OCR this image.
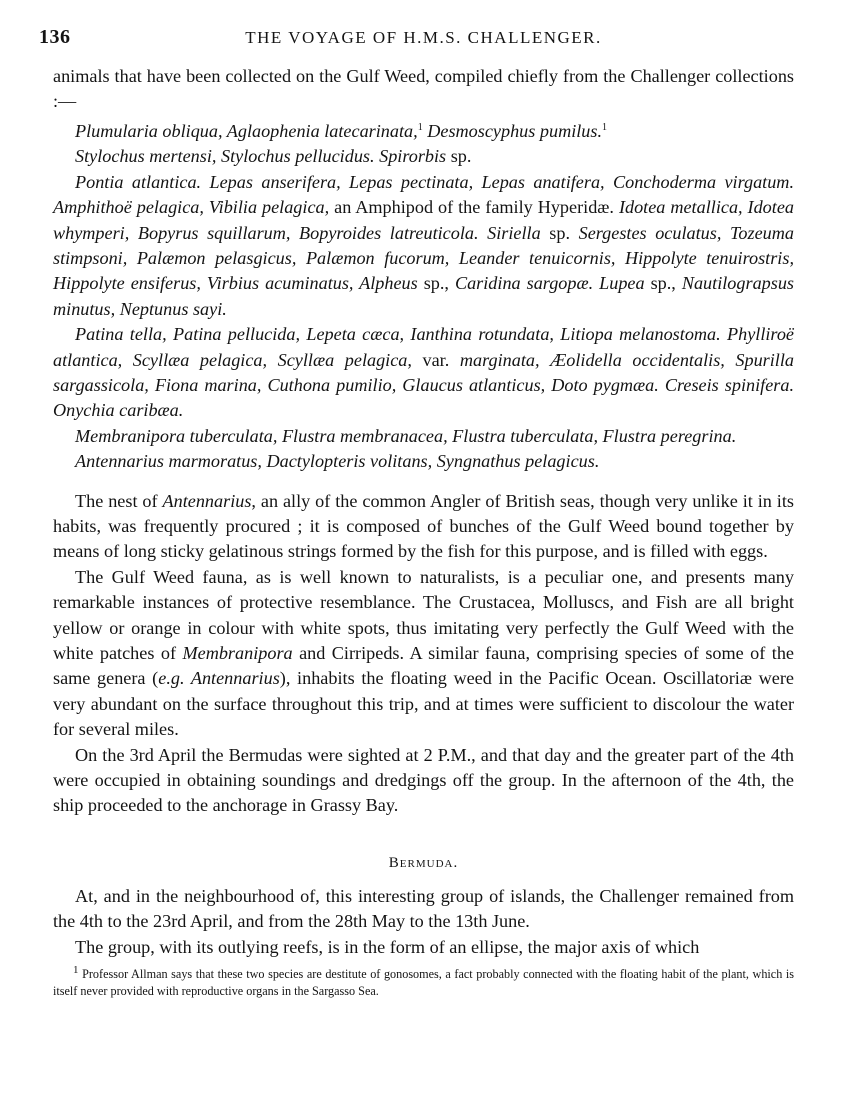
136	THE VOYAGE OF H.M.S. CHALLENGER.

animals that have been collected on the Gulf Weed, compiled chiefly from the Challenger collections :—

Plumularia obliqua, Aglaophenia latecarinata,$^1$ Desmoscyphus pumilus.$^1$

Stylochus mertensi, Stylochus pellucidus. Spirorbis sp.

Pontia atlantica. Lepas anserifera, Lepas pectinata, Lepas anatifera, Conchoderma virgatum. Amphithoë pelagica, Vibilia pelagica, an Amphipod of the family Hyperidæ. Idotea metallica, Idotea whymperi, Bopyrus squillarum, Bopyroides latreuticola. Siriella sp. Sergestes oculatus, Tozeuma stimpsoni, Palæmon pelasgicus, Palæmon fucorum, Leander tenuicornis, Hippolyte tenuirostris, Hippolyte ensiferus, Virbius acuminatus, Alpheus sp., Caridina sargopæ. Lupea sp., Nautilograpsus minutus, Neptunus sayi.

Patina tella, Patina pellucida, Lepeta cæca, Ianthina rotundata, Litiopa melanostoma. Phylliroë atlantica, Scyllæa pelagica, Scyllæa pelagica, var. marginata, Æolidella occidentalis, Spurilla sargassicola, Fiona marina, Cuthona pumilio, Glaucus atlanticus, Doto pygmæa. Creseis spinifera. Onychia caribæa.

Membranipora tuberculata, Flustra membranacea, Flustra tuberculata, Flustra peregrina.

Antennarius marmoratus, Dactylopteris volitans, Syngnathus pelagicus.

The nest of Antennarius, an ally of the common Angler of British seas, though very unlike it in its habits, was frequently procured ; it is composed of bunches of the Gulf Weed bound together by means of long sticky gelatinous strings formed by the fish for this purpose, and is filled with eggs.

The Gulf Weed fauna, as is well known to naturalists, is a peculiar one, and presents many remarkable instances of protective resemblance. The Crustacea, Molluscs, and Fish are all bright yellow or orange in colour with white spots, thus imitating very perfectly the Gulf Weed with the white patches of Membranipora and Cirripeds. A similar fauna, comprising species of some of the same genera (e.g. Antennarius), inhabits the floating weed in the Pacific Ocean. Oscillatoriæ were very abundant on the surface throughout this trip, and at times were sufficient to discolour the water for several miles.

On the 3rd April the Bermudas were sighted at 2 P.M., and that day and the greater part of the 4th were occupied in obtaining soundings and dredgings off the group. In the afternoon of the 4th, the ship proceeded to the anchorage in Grassy Bay.

Bermuda.

At, and in the neighbourhood of, this interesting group of islands, the Challenger remained from the 4th to the 23rd April, and from the 28th May to the 13th June.

The group, with its outlying reefs, is in the form of an ellipse, the major axis of which

1 Professor Allman says that these two species are destitute of gonosomes, a fact probably connected with the floating habit of the plant, which is itself never provided with reproductive organs in the Sargasso Sea.
